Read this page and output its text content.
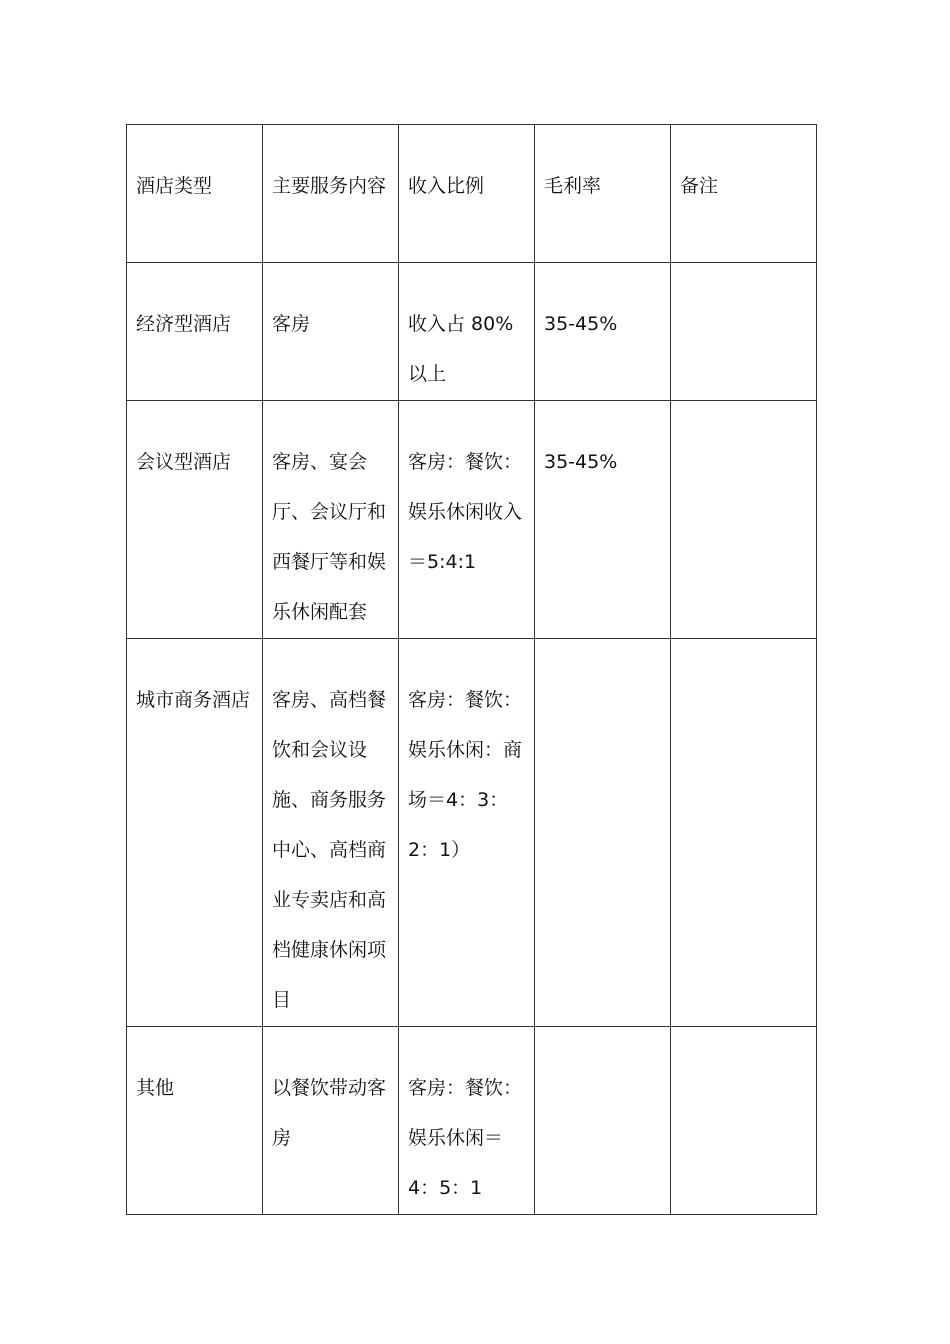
酒店类型	主要服务内容	收入比例	毛利率	备注
经济型酒店	客房	收入占 80%以上	35-45%	
会议型酒店	客房、宴会厅、会议厅和西餐厅等和娱乐休闲配套	客房：餐饮：娱乐休闲收入＝5:4:1	35-45%	
城市商务酒店	客房、高档餐饮和会议设施、商务服务中心、高档商业专卖店和高档健康休闲项目	客房：餐饮：娱乐休闲：商场＝4：3：2：1）		
其他	以餐饮带动客房	客房：餐饮：娱乐休闲＝4：5：1		
